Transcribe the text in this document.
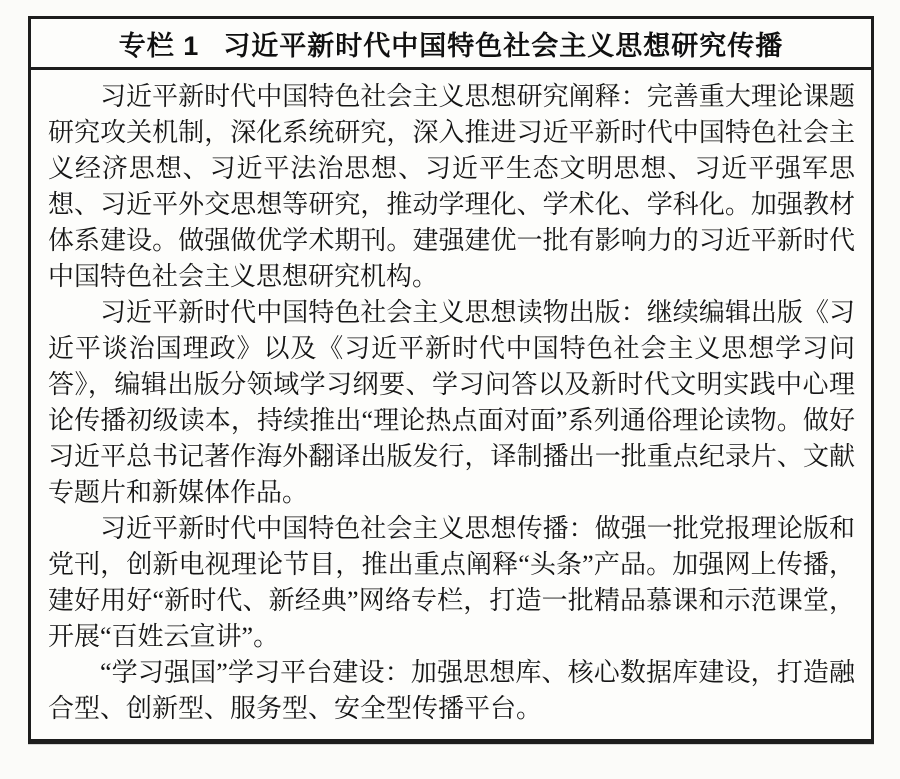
专栏 1 习近平新时代中国特色社会主义思想研究传播

习近平新时代中国特色社会主义思想研究阐释：完善重大理论课题研究攻关机制，深化系统研究，深入推进习近平新时代中国特色社会主义经济思想、习近平法治思想、习近平生态文明思想、习近平强军思想、习近平外交思想等研究，推动学理化、学术化、学科化。加强教材体系建设。做强做优学术期刊。建强建优一批有影响力的习近平新时代中国特色社会主义思想研究机构。

习近平新时代中国特色社会主义思想读物出版：继续编辑出版《习近平谈治国理政》以及《习近平新时代中国特色社会主义思想学习问答》，编辑出版分领域学习纲要、学习问答以及新时代文明实践中心理论传播初级读本，持续推出“理论热点面对面”系列通俗理论读物。做好习近平总书记著作海外翻译出版发行，译制播出一批重点纪录片、文献专题片和新媒体作品。

习近平新时代中国特色社会主义思想传播：做强一批党报理论版和党刊，创新电视理论节目，推出重点阐释“头条”产品。加强网上传播，建好用好“新时代、新经典”网络专栏，打造一批精品慕课和示范课堂，开展“百姓云宣讲”。

“学习强国”学习平台建设：加强思想库、核心数据库建设，打造融合型、创新型、服务型、安全型传播平台。
